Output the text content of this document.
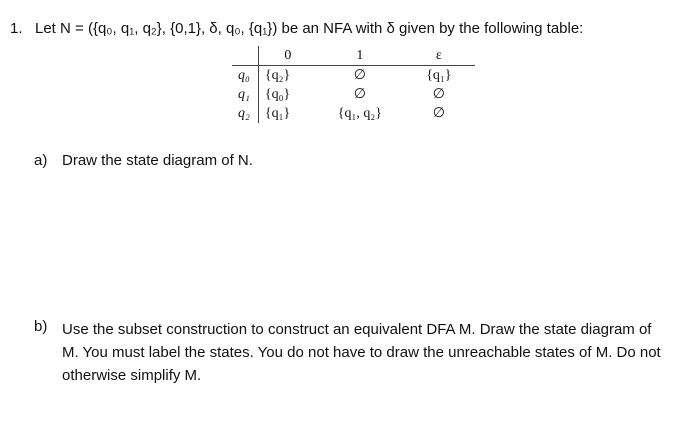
1. Let N = ({q₀, q₁, q₂}, {0,1}, δ, q₀, {q₁}) be an NFA with δ given by the following table:
	0	1	ε
q₀	{q₂}	∅	{q₁}
q₁	{q₀}	∅	∅
q₂	{q₁}	{q₁, q₂}	∅
a) Draw the state diagram of N.
b) Use the subset construction to construct an equivalent DFA M. Draw the state diagram of M. You must label the states. You do not have to draw the unreachable states of M. Do not otherwise simplify M.
